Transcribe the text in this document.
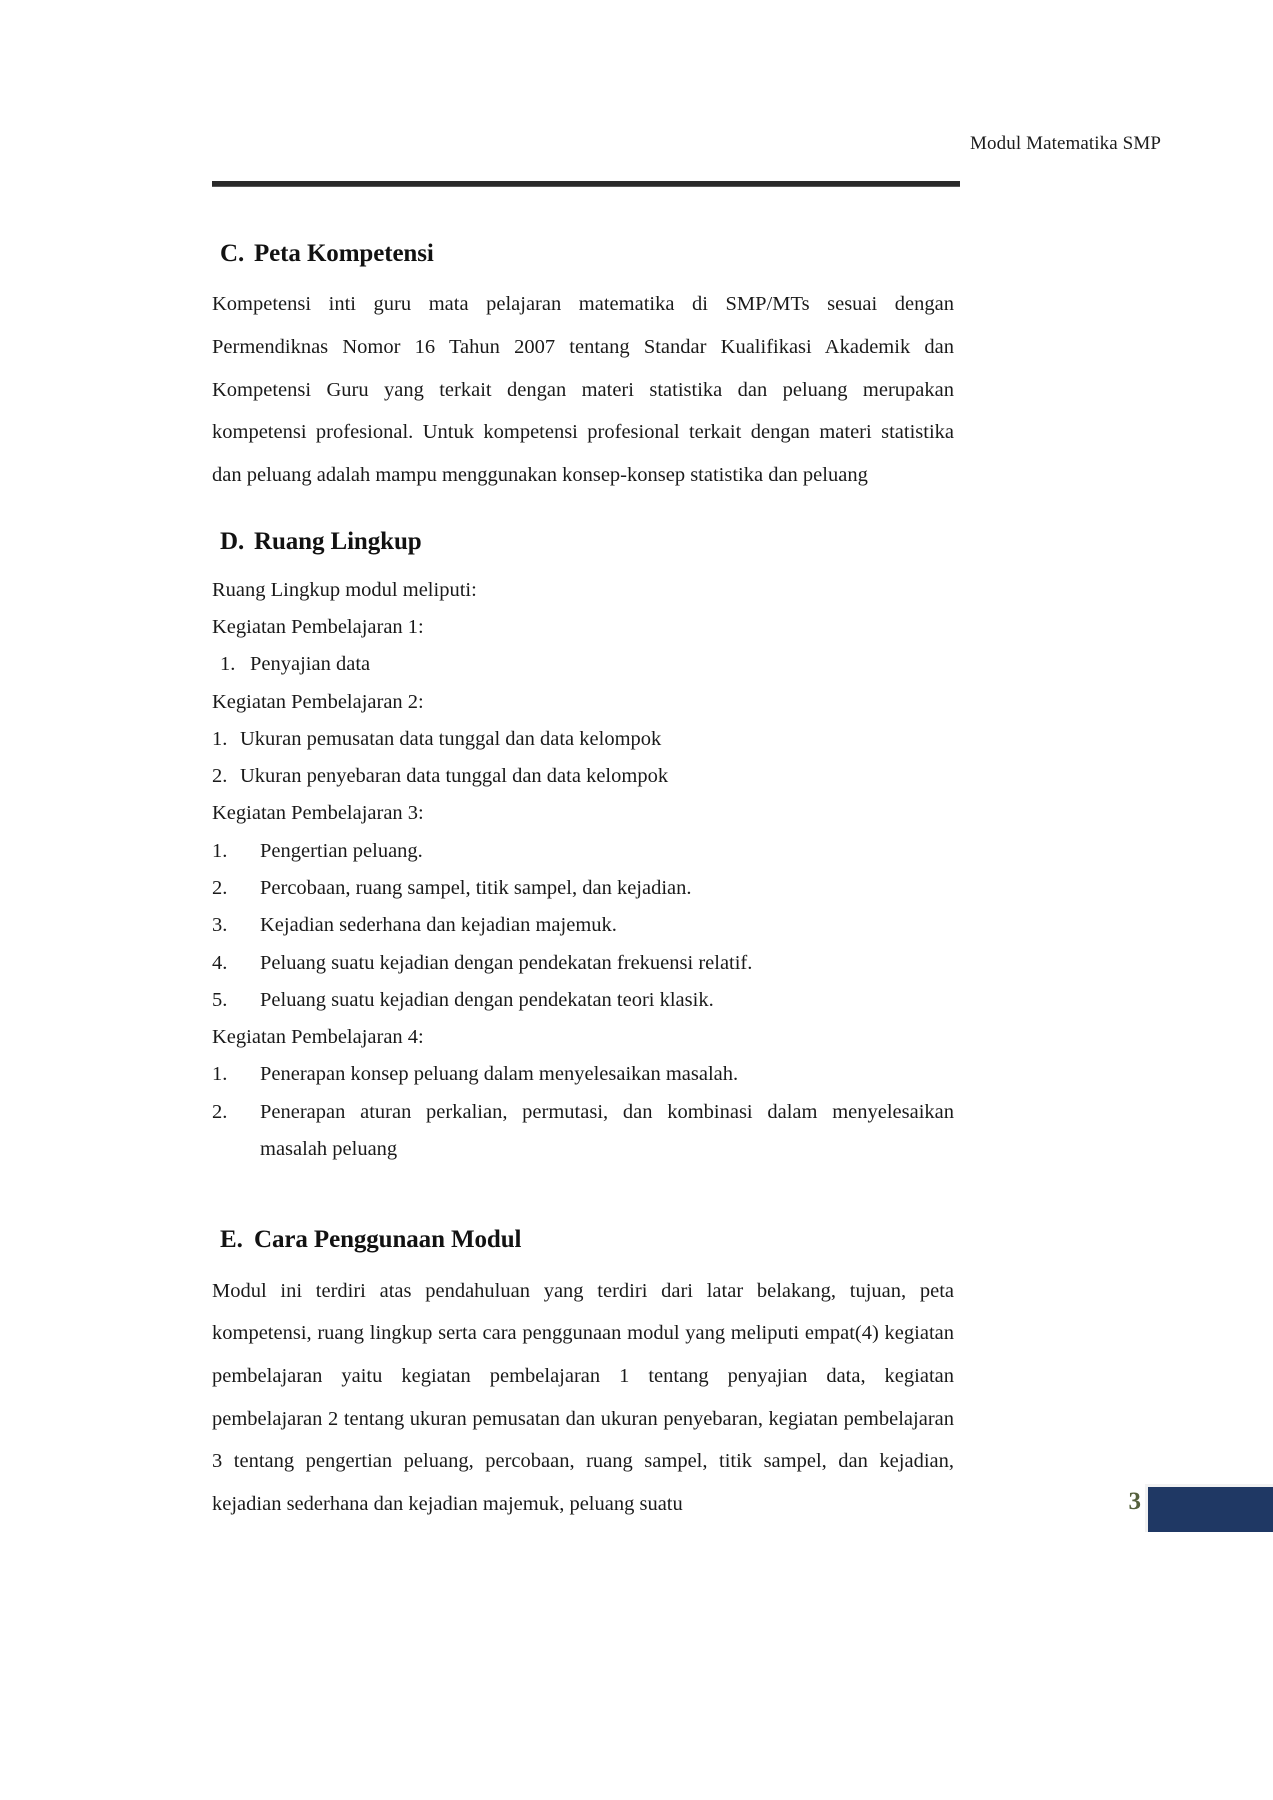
Modul Matematika SMP
C. Peta Kompetensi

Kompetensi inti guru mata pelajaran matematika di SMP/MTs sesuai dengan Permendiknas Nomor 16 Tahun 2007 tentang Standar Kualifikasi Akademik dan Kompetensi Guru yang terkait dengan materi statistika dan peluang merupakan kompetensi profesional. Untuk kompetensi profesional terkait dengan materi statistika dan peluang adalah mampu menggunakan konsep-konsep statistika dan peluang

D. Ruang Lingkup
Ruang Lingkup modul meliputi:
Kegiatan Pembelajaran 1:
1. Penyajian data
Kegiatan Pembelajaran 2:
1. Ukuran pemusatan data tunggal dan data kelompok
2. Ukuran penyebaran data tunggal dan data kelompok
Kegiatan Pembelajaran 3:
1.	Pengertian peluang.
2.	Percobaan, ruang sampel, titik sampel, dan kejadian.
3.	Kejadian sederhana dan kejadian majemuk.
4.	Peluang suatu kejadian dengan pendekatan frekuensi relatif.
5.	Peluang suatu kejadian dengan pendekatan teori klasik.
Kegiatan Pembelajaran 4:
1.	Penerapan konsep peluang dalam menyelesaikan masalah.
2.	Penerapan aturan perkalian, permutasi, dan kombinasi dalam menyelesaikan masalah peluang
E. Cara Penggunaan Modul

Modul ini terdiri atas pendahuluan yang terdiri dari latar belakang, tujuan, peta kompetensi, ruang lingkup serta cara penggunaan modul yang meliputi empat(4) kegiatan pembelajaran yaitu kegiatan pembelajaran 1 tentang penyajian data, kegiatan pembelajaran 2 tentang ukuran pemusatan dan ukuran penyebaran, kegiatan pembelajaran 3 tentang pengertian peluang, percobaan, ruang sampel, titik sampel, dan kejadian, kejadian sederhana dan kejadian majemuk, peluang suatu	3
